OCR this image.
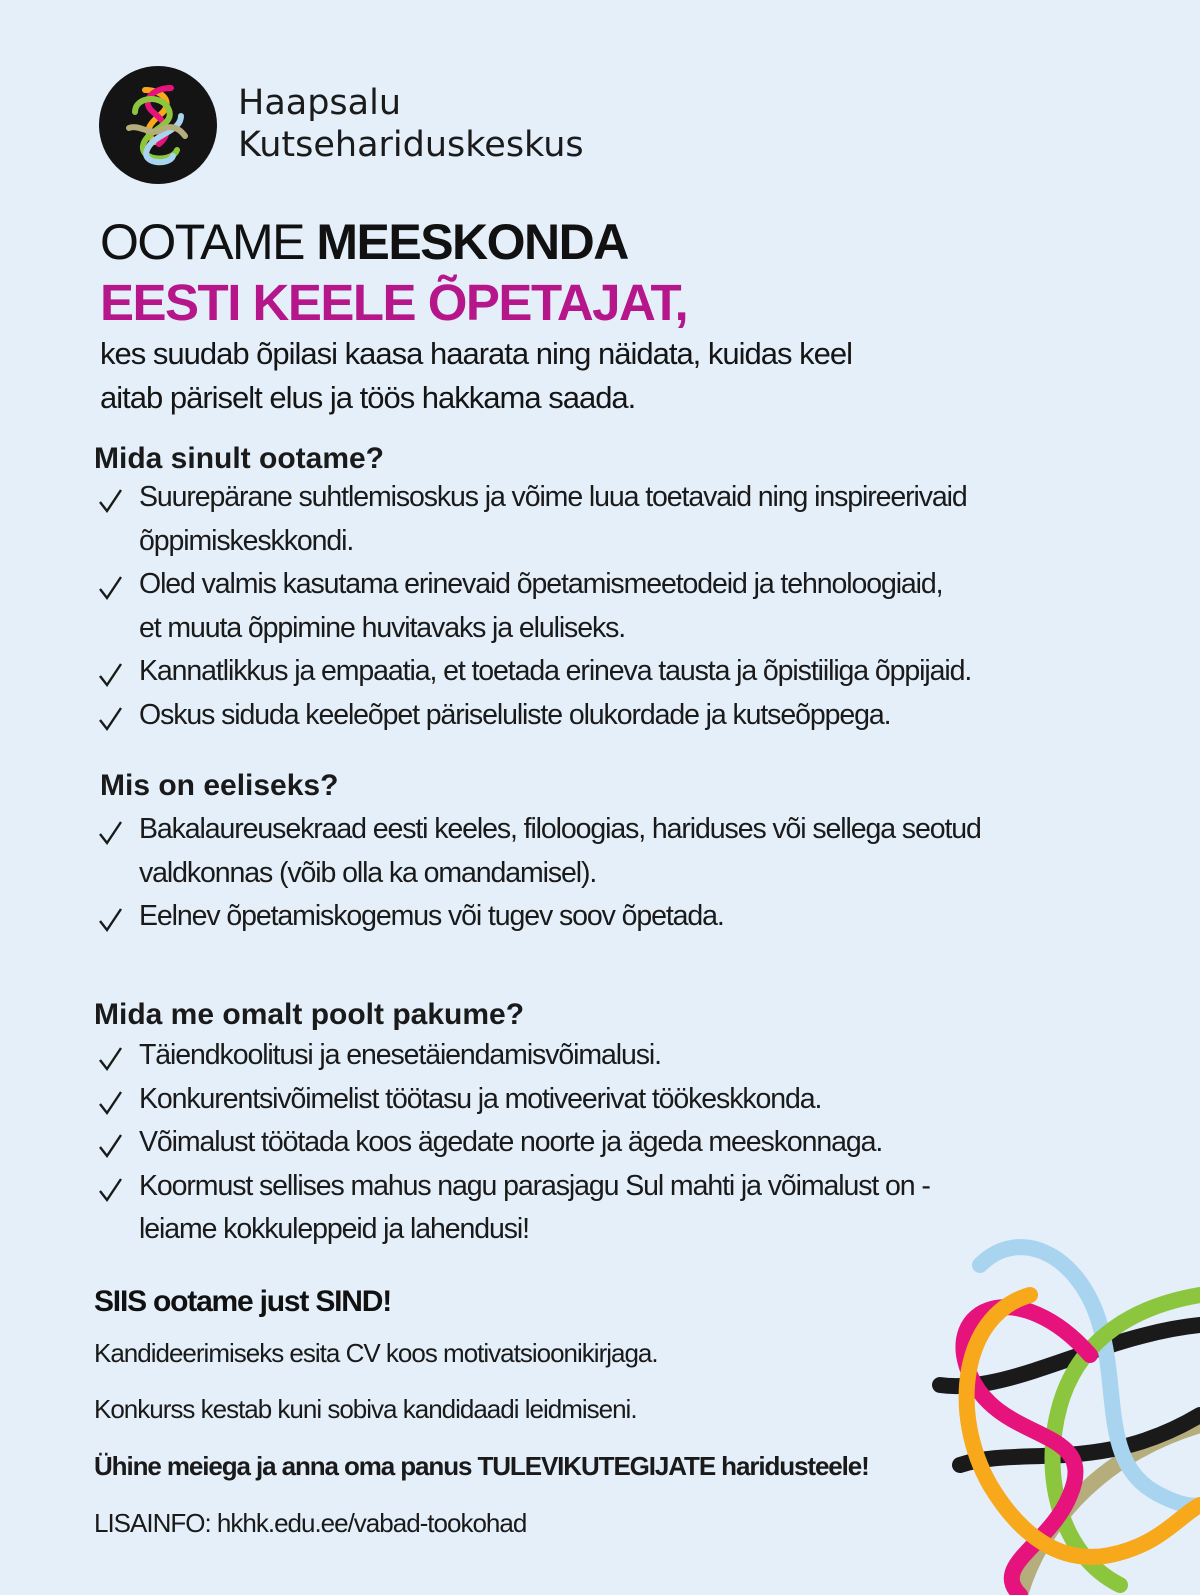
Haapsalu
Kutsehariduskeskus
OOTAME MEESKONDA
EESTI KEELE ÕPETAJAT,
kes suudab õpilasi kaasa haarata ning näidata, kuidas keel
aitab päriselt elus ja töös hakkama saada.
Mida sinult ootame?
Suurepärane suhtlemisoskus ja võime luua toetavaid ning inspireerivaid
õppimiskeskkondi.
Oled valmis kasutama erinevaid õpetamismeetodeid ja tehnoloogiaid,
et muuta õppimine huvitavaks ja eluliseks.
Kannatlikkus ja empaatia, et toetada erineva tausta ja õpistiiliga õppijaid.
Oskus siduda keeleõpet päriseluliste olukordade ja kutseõppega.
Mis on eeliseks?
Bakalaureusekraad eesti keeles, filoloogias, hariduses või sellega seotud
valdkonnas (võib olla ka omandamisel).
Eelnev õpetamiskogemus või tugev soov õpetada.
Mida me omalt poolt pakume?
Täiendkoolitusi ja enesetäiendamisvõimalusi.
Konkurentsivõimelist töötasu ja motiveerivat töökeskkonda.
Võimalust töötada koos ägedate noorte ja ägeda meeskonnaga.
Koormust sellises mahus nagu parasjagu Sul mahti ja võimalust on -
leiame kokkuleppeid ja lahendusi!
SIIS ootame just SIND!
Kandideerimiseks esita CV koos motivatsioonikirjaga.
Konkurss kestab kuni sobiva kandidaadi leidmiseni.
Ühine meiega ja anna oma panus TULEVIKUTEGIJATE haridusteele!
LISAINFO: hkhk.edu.ee/vabad-tookohad
